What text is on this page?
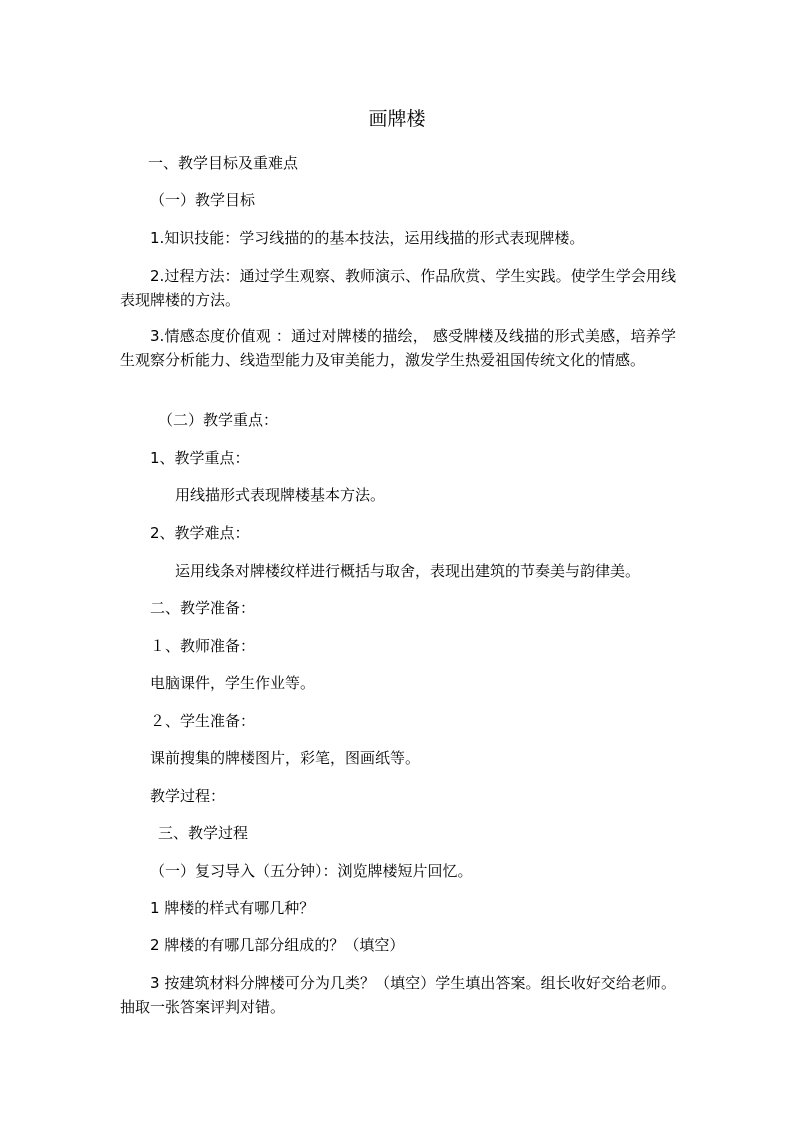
画牌楼
一、教学目标及重难点
（一）教学目标
1.知识技能：学习线描的的基本技法，运用线描的形式表现牌楼。
2.过程方法：通过学生观察、教师演示、作品欣赏、学生实践。使学生学会用线表现牌楼的方法。
3.情感态度价值观 ：通过对牌楼的描绘， 感受牌楼及线描的形式美感，培养学生观察分析能力、线造型能力及审美能力，激发学生热爱祖国传统文化的情感。
（二）教学重点：
1、教学重点：
用线描形式表现牌楼基本方法。
2、教学难点：
运用线条对牌楼纹样进行概括与取舍，表现出建筑的节奏美与韵律美。
二、教学准备：
１、教师准备：
电脑课件，学生作业等。
２、学生准备：
课前搜集的牌楼图片，彩笔，图画纸等。
教学过程：
三、教学过程
（一）复习导入（五分钟）：浏览牌楼短片回忆。
1 牌楼的样式有哪几种？
2 牌楼的有哪几部分组成的？（填空）
3 按建筑材料分牌楼可分为几类？（填空）学生填出答案。组长收好交给老师。 抽取一张答案评判对错。
